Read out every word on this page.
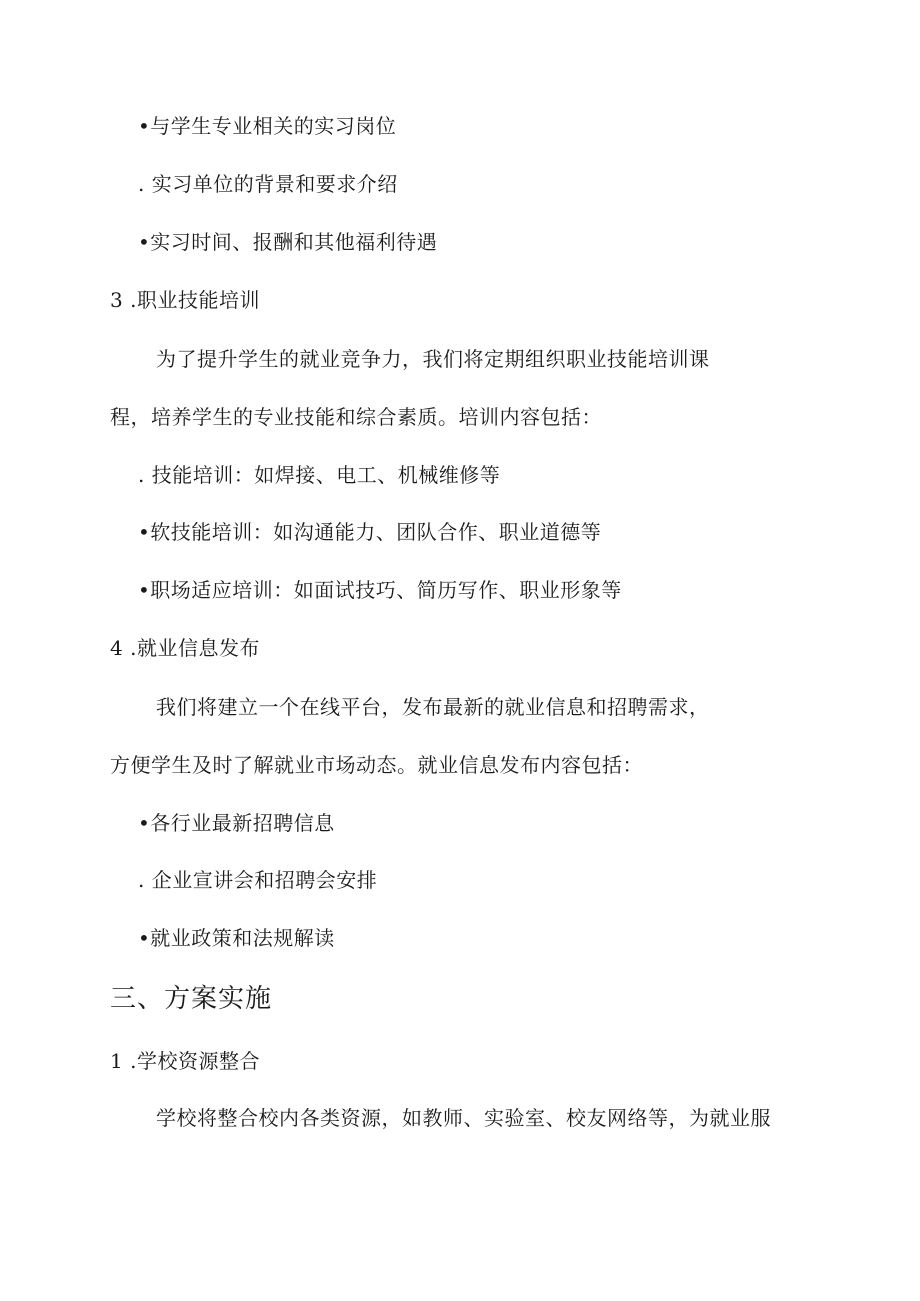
•与学生专业相关的实习岗位
. 实习单位的背景和要求介绍
•实习时间、报酬和其他福利待遇
3 .职业技能培训
为了提升学生的就业竞争力，我们将定期组织职业技能培训课
程，培养学生的专业技能和综合素质。培训内容包括：
. 技能培训：如焊接、电工、机械维修等
•软技能培训：如沟通能力、团队合作、职业道德等
•职场适应培训：如面试技巧、简历写作、职业形象等
4 .就业信息发布
我们将建立一个在线平台，发布最新的就业信息和招聘需求，
方便学生及时了解就业市场动态。就业信息发布内容包括：
•各行业最新招聘信息
. 企业宣讲会和招聘会安排
•就业政策和法规解读
三、方案实施
1 .学校资源整合
学校将整合校内各类资源，如教师、实验室、校友网络等，为就业服
